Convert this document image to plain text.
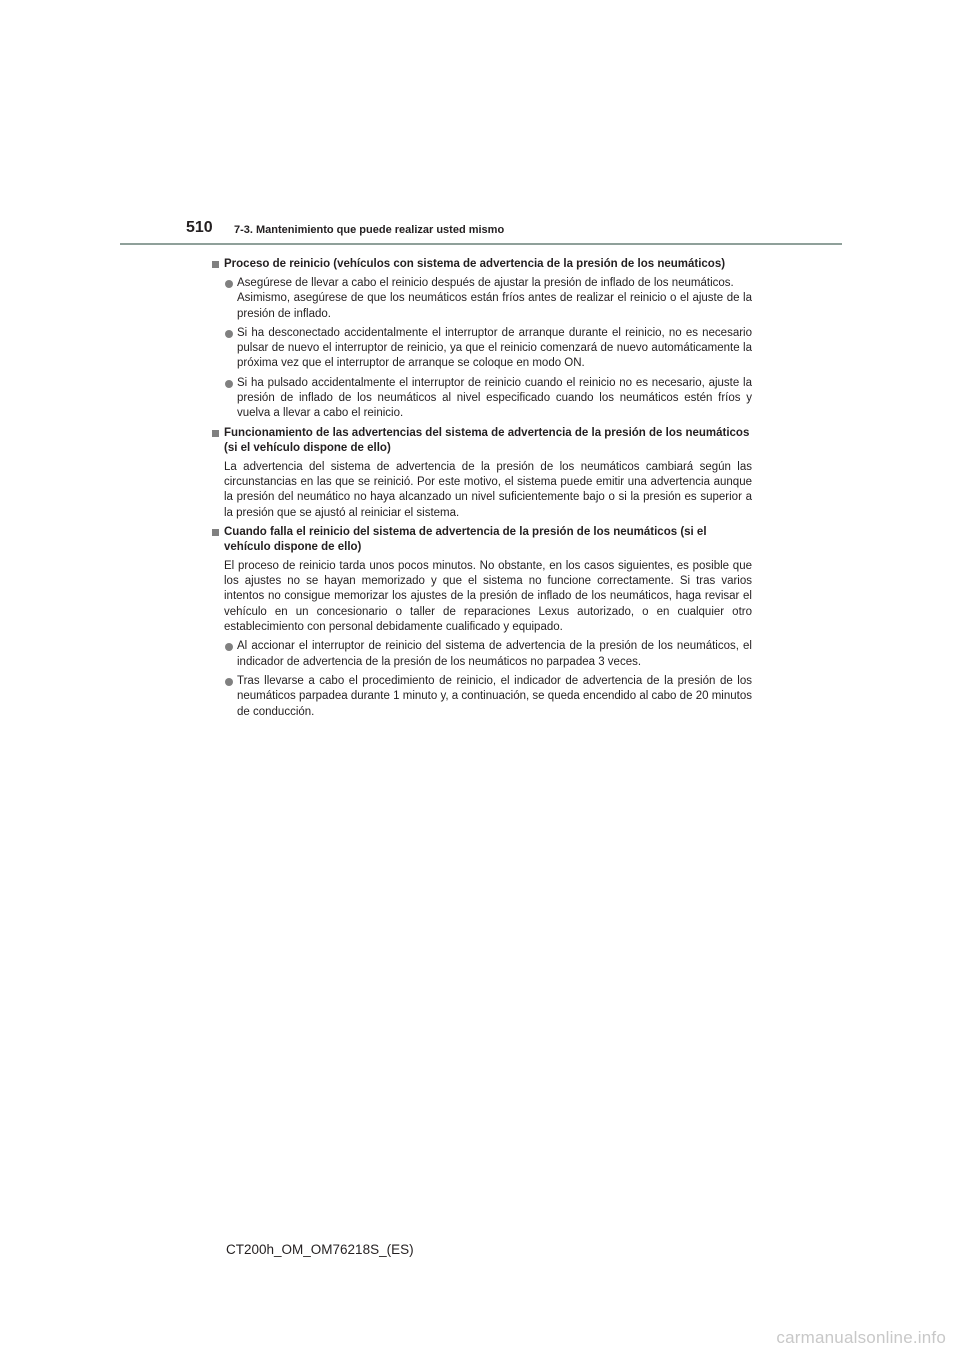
510 7-3. Mantenimiento que puede realizar usted mismo
Proceso de reinicio (vehículos con sistema de advertencia de la presión de los neumáticos)
Asegúrese de llevar a cabo el reinicio después de ajustar la presión de inflado de los neumáticos.
Asimismo, asegúrese de que los neumáticos están fríos antes de realizar el reinicio o el ajuste de la presión de inflado.
Si ha desconectado accidentalmente el interruptor de arranque durante el reinicio, no es necesario pulsar de nuevo el interruptor de reinicio, ya que el reinicio comenzará de nuevo automáticamente la próxima vez que el interruptor de arranque se coloque en modo ON.
Si ha pulsado accidentalmente el interruptor de reinicio cuando el reinicio no es necesario, ajuste la presión de inflado de los neumáticos al nivel especificado cuando los neumáticos estén fríos y vuelva a llevar a cabo el reinicio.
Funcionamiento de las advertencias del sistema de advertencia de la presión de los neumáticos (si el vehículo dispone de ello)
La advertencia del sistema de advertencia de la presión de los neumáticos cambiará según las circunstancias en las que se reinició. Por este motivo, el sistema puede emitir una advertencia aunque la presión del neumático no haya alcanzado un nivel suficientemente bajo o si la presión es superior a la presión que se ajustó al reiniciar el sistema.
Cuando falla el reinicio del sistema de advertencia de la presión de los neumáticos (si el vehículo dispone de ello)
El proceso de reinicio tarda unos pocos minutos. No obstante, en los casos siguientes, es posible que los ajustes no se hayan memorizado y que el sistema no funcione correctamente. Si tras varios intentos no consigue memorizar los ajustes de la presión de inflado de los neumáticos, haga revisar el vehículo en un concesionario o taller de reparaciones Lexus autorizado, o en cualquier otro establecimiento con personal debidamente cualificado y equipado.
Al accionar el interruptor de reinicio del sistema de advertencia de la presión de los neumáticos, el indicador de advertencia de la presión de los neumáticos no parpadea 3 veces.
Tras llevarse a cabo el procedimiento de reinicio, el indicador de advertencia de la presión de los neumáticos parpadea durante 1 minuto y, a continuación, se queda encendido al cabo de 20 minutos de conducción.
CT200h_OM_OM76218S_(ES)
carmanualsonline.info
